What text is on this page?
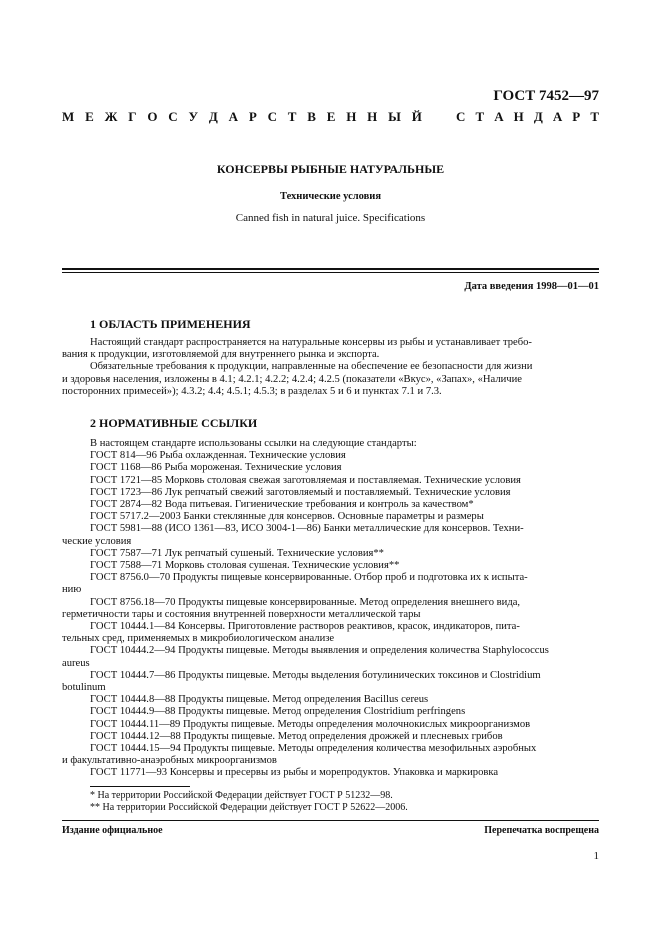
ГОСТ 7452—97
М Е Ж Г О С У Д А Р С Т В Е Н Н Ы Й	С Т А Н Д А Р Т
КОНСЕРВЫ РЫБНЫЕ НАТУРАЛЬНЫЕ
Технические условия
Canned fish in natural juice. Specifications
Дата введения 1998—01—01
1 ОБЛАСТЬ ПРИМЕНЕНИЯ
Настоящий стандарт распространяется на натуральные консервы из рыбы и устанавливает требо-
вания к продукции, изготовляемой для внутреннего рынка и экспорта.
Обязательные требования к продукции, направленные на обеспечение ее безопасности для жизни
и здоровья населения, изложены в 4.1; 4.2.1; 4.2.2; 4.2.4; 4.2.5 (показатели «Вкус», «Запах», «Наличие
посторонних примесей»); 4.3.2; 4.4; 4.5.1; 4.5.3; в разделах 5 и 6 и пунктах 7.1 и 7.3.
2 НОРМАТИВНЫЕ ССЫЛКИ
В настоящем стандарте использованы ссылки на следующие стандарты:
ГОСТ 814—96 Рыба охлажденная. Технические условия
ГОСТ 1168—86 Рыба мороженая. Технические условия
ГОСТ 1721—85 Морковь столовая свежая заготовляемая и поставляемая. Технические условия
ГОСТ 1723—86 Лук репчатый свежий заготовляемый и поставляемый. Технические условия
ГОСТ 2874—82 Вода питьевая. Гигиенические требования и контроль за качеством*
ГОСТ 5717.2—2003 Банки стеклянные для консервов. Основные параметры и размеры
ГОСТ 5981—88 (ИСО 1361—83, ИСО 3004-1—86) Банки металлические для консервов. Техни-
ческие условия
ГОСТ 7587—71 Лук репчатый сушеный. Технические условия**
ГОСТ 7588—71 Морковь столовая сушеная. Технические условия**
ГОСТ 8756.0—70 Продукты пищевые консервированные. Отбор проб и подготовка их к испыта-
нию
ГОСТ 8756.18—70 Продукты пищевые консервированные. Метод определения внешнего вида,
герметичности тары и состояния внутренней поверхности металлической тары
ГОСТ 10444.1—84 Консервы. Приготовление растворов реактивов, красок, индикаторов, пита-
тельных сред, применяемых в микробиологическом анализе
ГОСТ 10444.2—94 Продукты пищевые. Методы выявления и определения количества Staphylococcus
aureus
ГОСТ 10444.7—86 Продукты пищевые. Методы выделения ботулинических токсинов и Clostridium
botulinum
ГОСТ 10444.8—88 Продукты пищевые. Метод определения Bacillus cereus
ГОСТ 10444.9—88 Продукты пищевые. Метод определения Clostridium perfringens
ГОСТ 10444.11—89 Продукты пищевые. Методы определения молочнокислых микроорганизмов
ГОСТ 10444.12—88 Продукты пищевые. Метод определения дрожжей и плесневых грибов
ГОСТ 10444.15—94 Продукты пищевые. Методы определения количества мезофильных аэробных
и факультативно-анаэробных микроорганизмов
ГОСТ 11771—93 Консервы и пресервы из рыбы и морепродуктов. Упаковка и маркировка
* На территории Российской Федерации действует ГОСТ Р 51232—98.
** На территории Российской Федерации действует ГОСТ Р 52622—2006.
Издание официальное	Перепечатка воспрещена
1
